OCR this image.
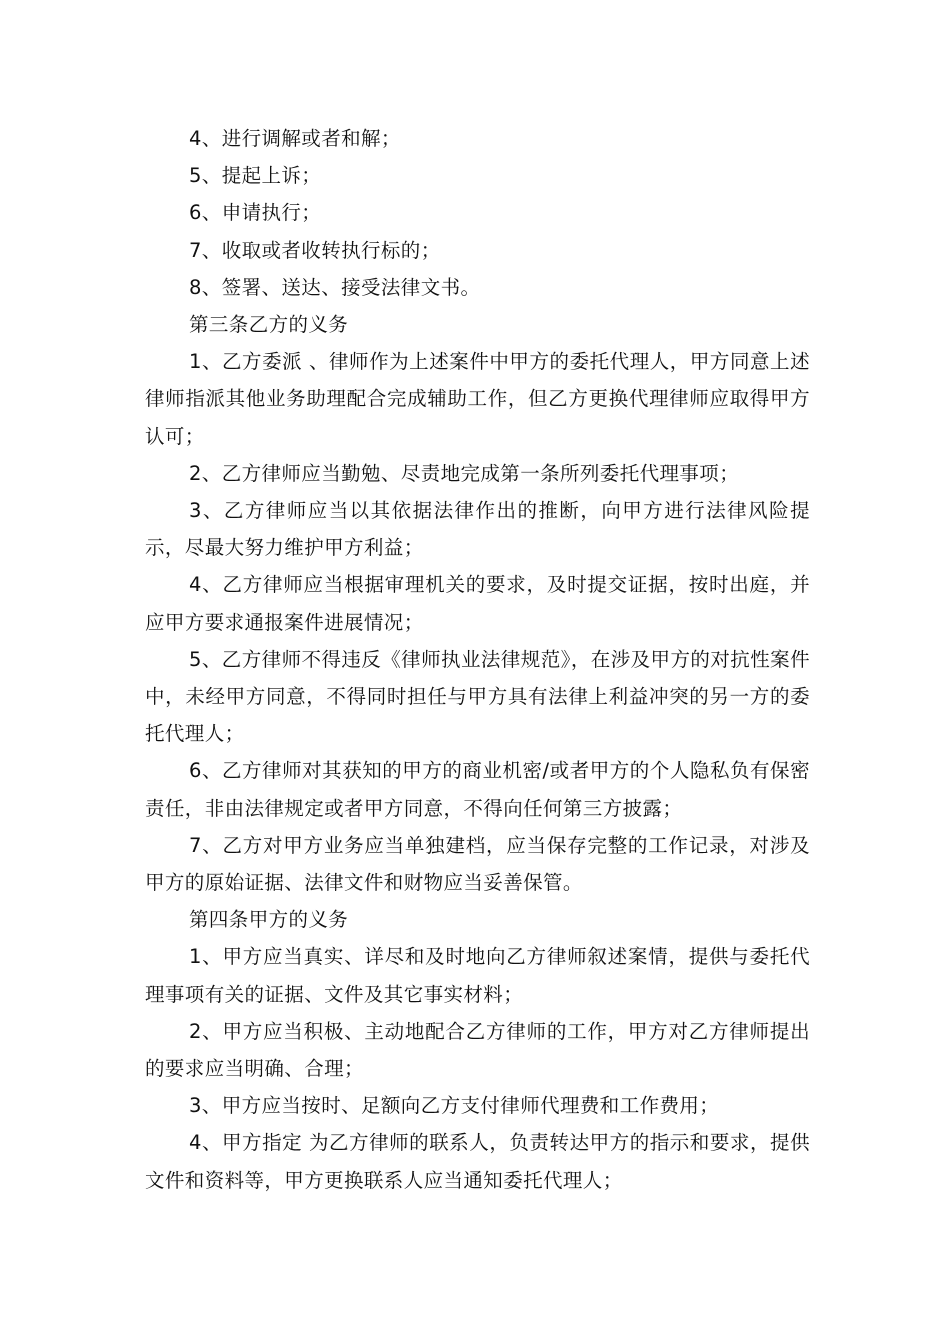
4、进行调解或者和解；

5、提起上诉；

6、申请执行；

7、收取或者收转执行标的；

8、签署、送达、接受法律文书。

第三条乙方的义务

1、乙方委派 、律师作为上述案件中甲方的委托代理人，甲方同意上述律师指派其他业务助理配合完成辅助工作，但乙方更换代理律师应取得甲方认可；

2、乙方律师应当勤勉、尽责地完成第一条所列委托代理事项；

3、乙方律师应当以其依据法律作出的推断，向甲方进行法律风险提示，尽最大努力维护甲方利益；

4、乙方律师应当根据审理机关的要求，及时提交证据，按时出庭，并应甲方要求通报案件进展情况；

5、乙方律师不得违反《律师执业法律规范》，在涉及甲方的对抗性案件中，未经甲方同意，不得同时担任与甲方具有法律上利益冲突的另一方的委托代理人；

6、乙方律师对其获知的甲方的商业机密/或者甲方的个人隐私负有保密责任，非由法律规定或者甲方同意，不得向任何第三方披露；

7、乙方对甲方业务应当单独建档，应当保存完整的工作记录，对涉及甲方的原始证据、法律文件和财物应当妥善保管。

第四条甲方的义务

1、甲方应当真实、详尽和及时地向乙方律师叙述案情，提供与委托代理事项有关的证据、文件及其它事实材料；

2、甲方应当积极、主动地配合乙方律师的工作，甲方对乙方律师提出的要求应当明确、合理；

3、甲方应当按时、足额向乙方支付律师代理费和工作费用；

4、甲方指定 为乙方律师的联系人，负责转达甲方的指示和要求，提供文件和资料等，甲方更换联系人应当通知委托代理人；
